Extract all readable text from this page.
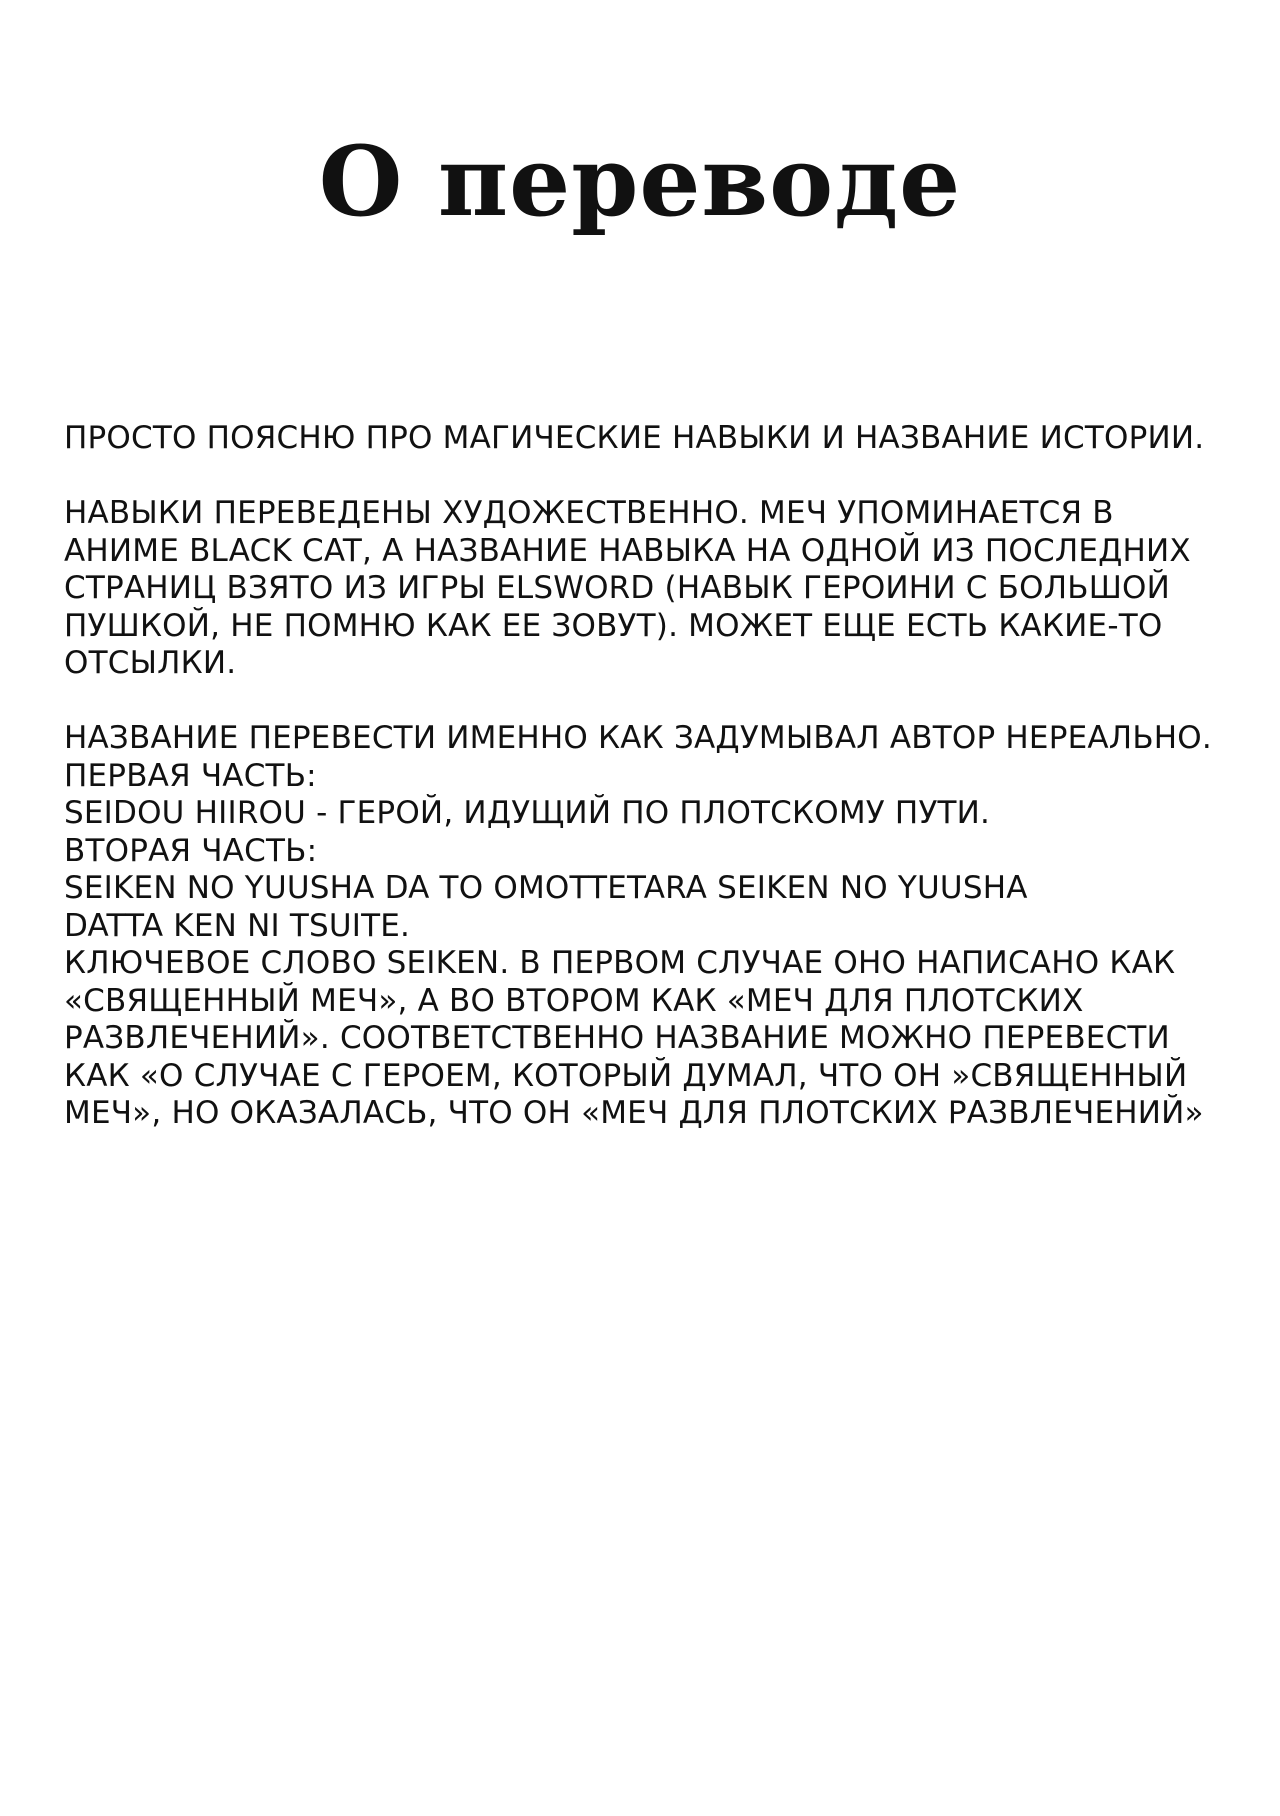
О переводе
ПРОСТО ПОЯСНЮ ПРО МАГИЧЕСКИЕ НАВЫКИ И НАЗВАНИЕ ИСТОРИИ.
НАВЫКИ ПЕРЕВЕДЕНЫ ХУДОЖЕСТВЕННО. МЕЧ УПОМИНАЕТСЯ В
АНИМЕ BLACK CAT, А НАЗВАНИЕ НАВЫКА НА ОДНОЙ ИЗ ПОСЛЕДНИХ
СТРАНИЦ ВЗЯТО ИЗ ИГРЫ ELSWORD (НАВЫК ГЕРОИНИ С БОЛЬШОЙ
ПУШКОЙ, НЕ ПОМНЮ КАК ЕЕ ЗОВУТ). МОЖЕТ ЕЩЕ ЕСТЬ КАКИЕ-ТО
ОТСЫЛКИ.
НАЗВАНИЕ ПЕРЕВЕСТИ ИМЕННО КАК ЗАДУМЫВАЛ АВТОР НЕРЕАЛЬНО.
ПЕРВАЯ ЧАСТЬ:
SEIDOU HIIROU - ГЕРОЙ, ИДУЩИЙ ПО ПЛОТСКОМУ ПУТИ.
ВТОРАЯ ЧАСТЬ:
SEIKEN NO YUUSHA DA TO OMOTTETARA SEIKEN NO YUUSHA
DATTA KEN NI TSUITE.
КЛЮЧЕВОЕ СЛОВО SEIKEN. В ПЕРВОМ СЛУЧАЕ ОНО НАПИСАНО КАК
«СВЯЩЕННЫЙ МЕЧ», А ВО ВТОРОМ КАК «МЕЧ ДЛЯ ПЛОТСКИХ
РАЗВЛЕЧЕНИЙ». СООТВЕТСТВЕННО НАЗВАНИЕ МОЖНО ПЕРЕВЕСТИ
КАК «О СЛУЧАЕ С ГЕРОЕМ, КОТОРЫЙ ДУМАЛ, ЧТО ОН »СВЯЩЕННЫЙ
МЕЧ», НО ОКАЗАЛАСЬ, ЧТО ОН «МЕЧ ДЛЯ ПЛОТСКИХ РАЗВЛЕЧЕНИЙ»
